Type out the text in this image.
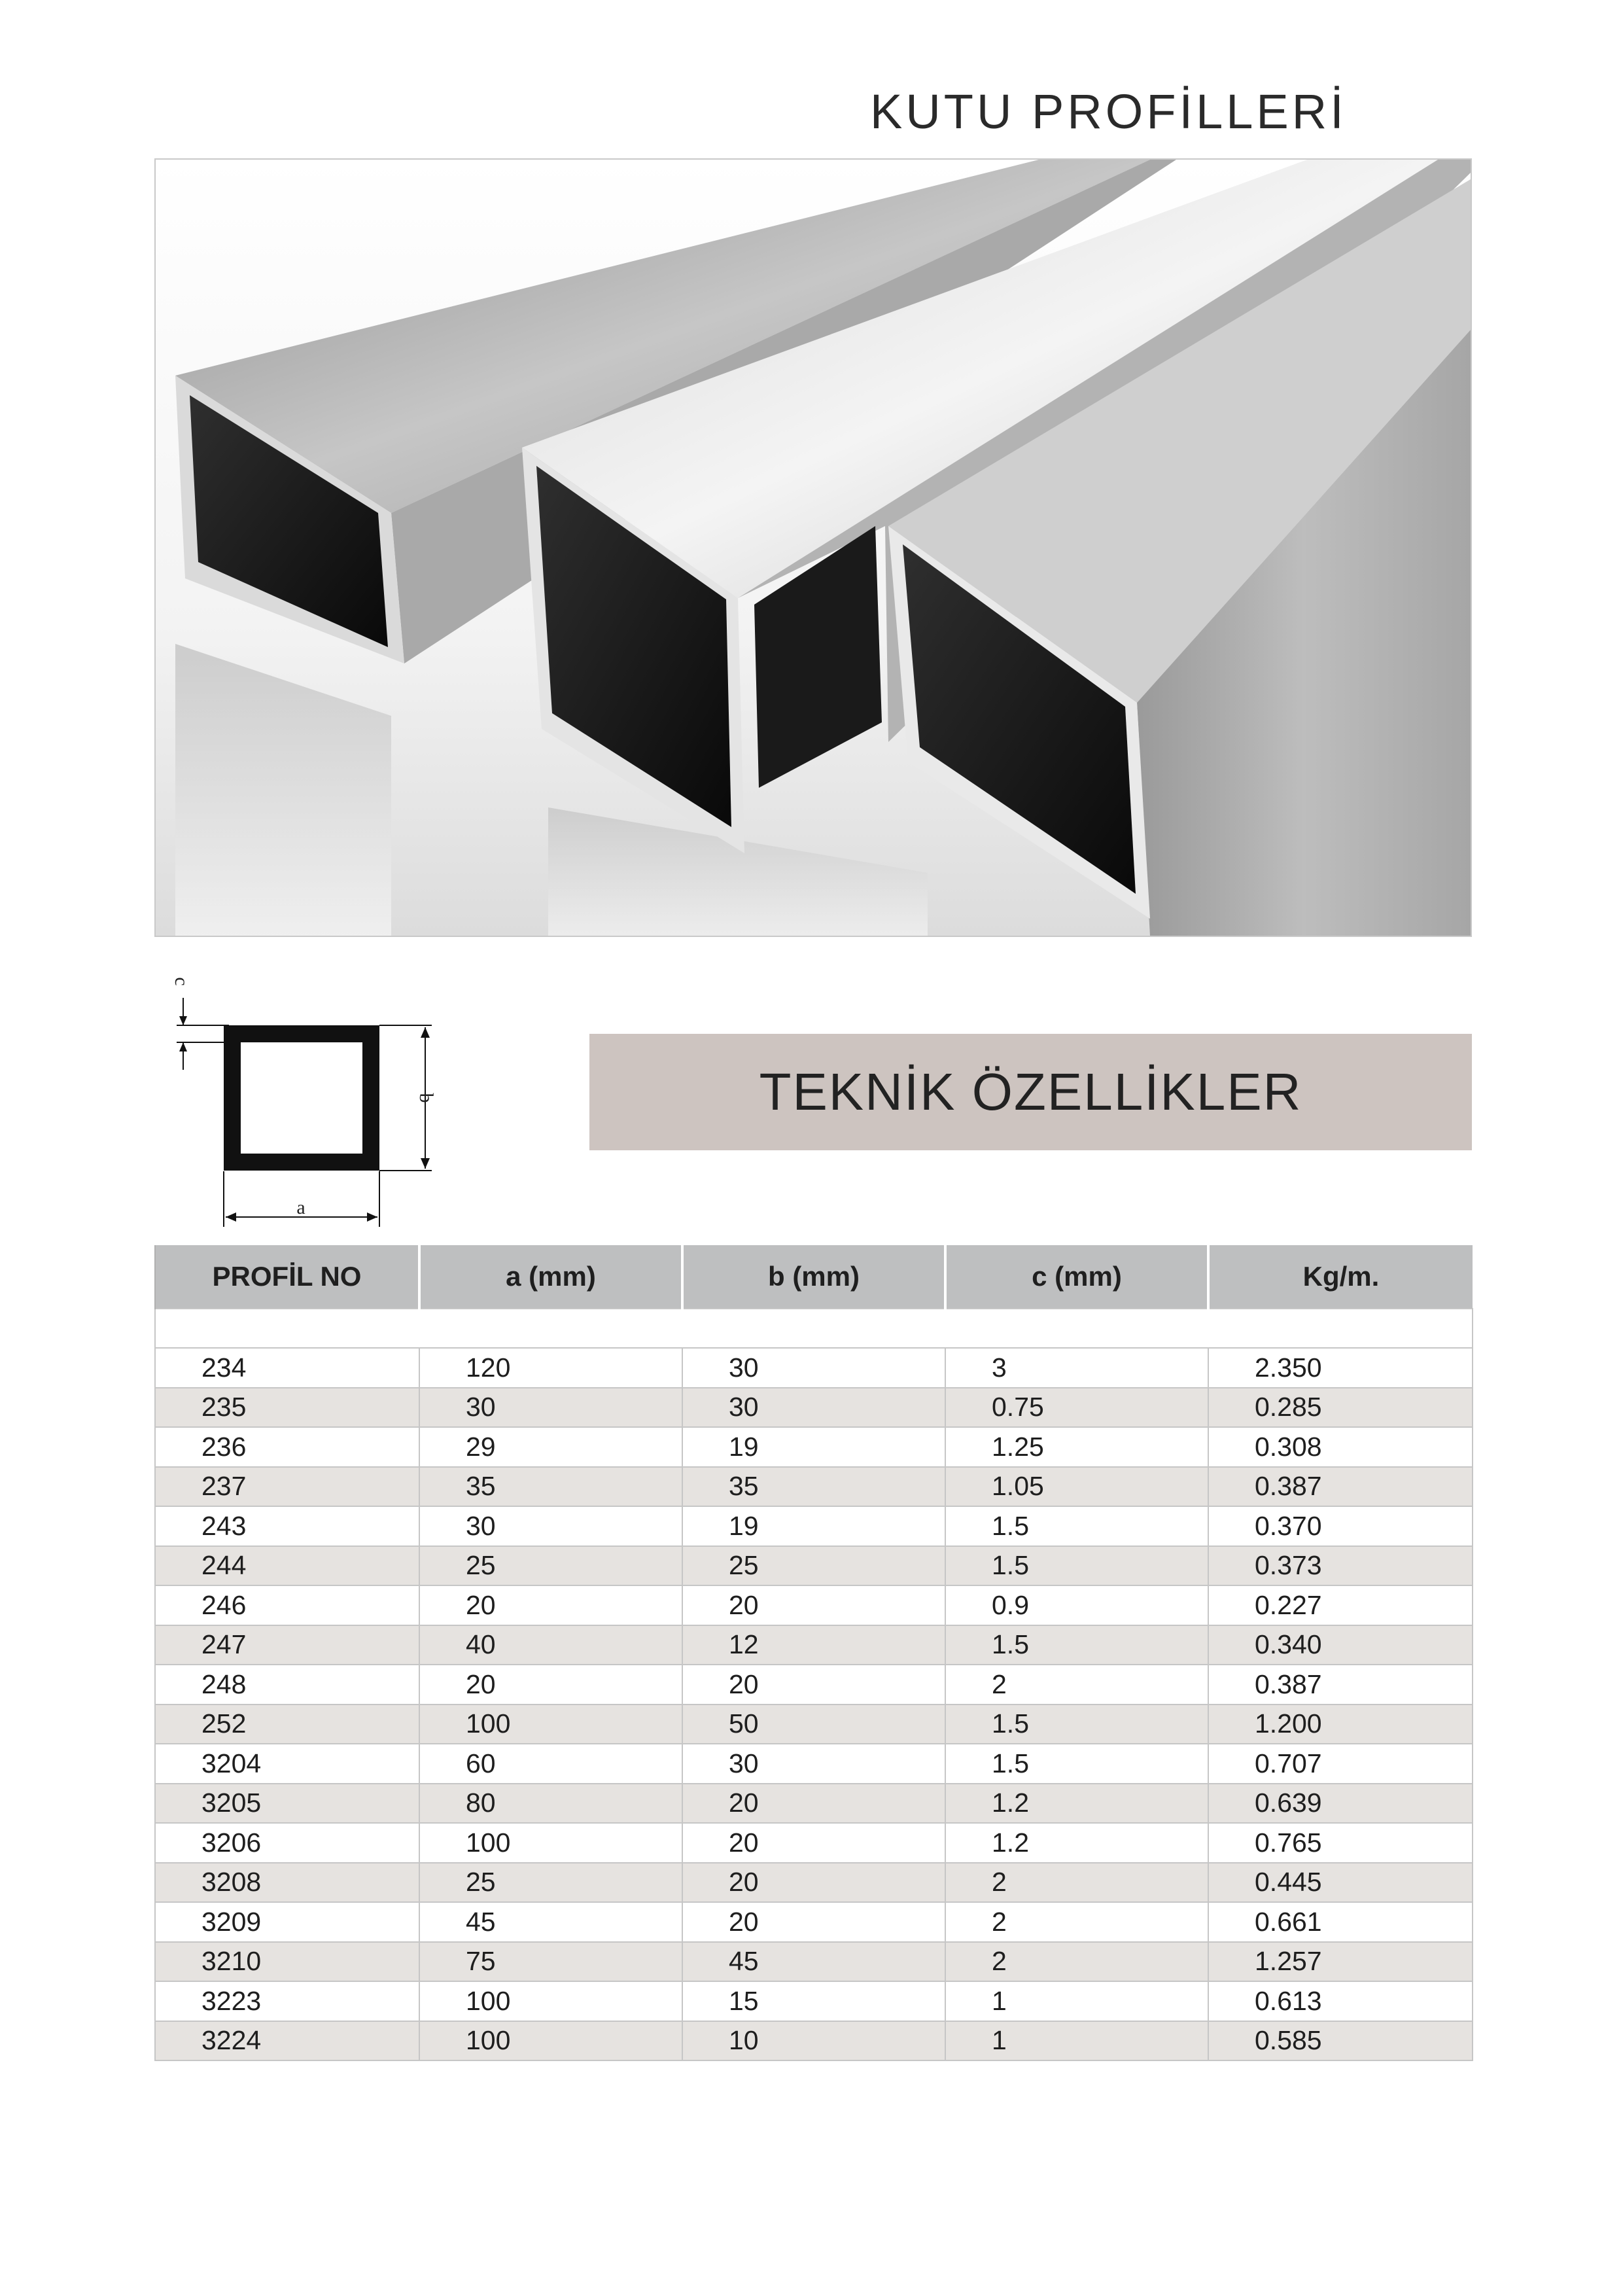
KUTU PROFİLLERİ
a
b
c
TEKNİK ÖZELLİKLER
PROFİL NO	a (mm)	b (mm)	c (mm)	Kg/m.

234	120	30	3	2.350
235	30	30	0.75	0.285
236	29	19	1.25	0.308
237	35	35	1.05	0.387
243	30	19	1.5	0.370
244	25	25	1.5	0.373
246	20	20	0.9	0.227
247	40	12	1.5	0.340
248	20	20	2	0.387
252	100	50	1.5	1.200
3204	60	30	1.5	0.707
3205	80	20	1.2	0.639
3206	100	20	1.2	0.765
3208	25	20	2	0.445
3209	45	20	2	0.661
3210	75	45	2	1.257
3223	100	15	1	0.613
3224	100	10	1	0.585
